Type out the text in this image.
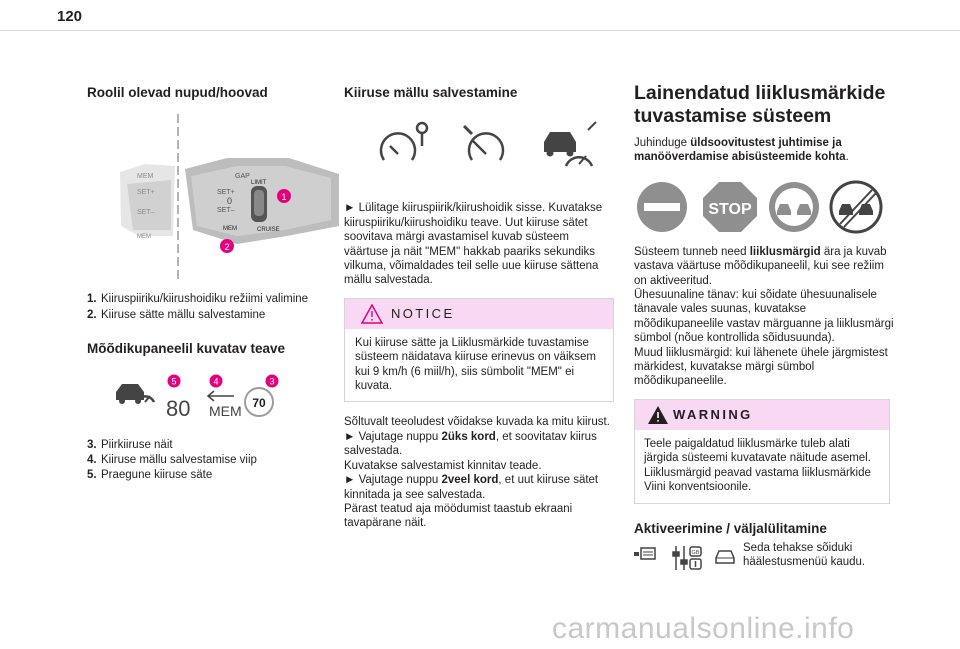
120
Roolil olevad nupud/hoovad
SET+
SET–
MEM
MEM
GAP
SET+
SET–
0
LIMIT
MEM	CRUISE
1
2
1. Kiiruspiiriku/kiirushoidiku režiimi valimine
2. Kiiruse sätte mällu salvestamine
Mõõdikupaneelil kuvatav teave
80 MEM 70
5	4	3
3. Piirkiiruse näit
4. Kiiruse mällu salvestamise viip
5. Praegune kiiruse säte
Kiiruse mällu salvestamine

► Lülitage kiiruspiirik/kiirushoidik sisse. Kuvatakse kiiruspiiriku/kiirushoidiku teave. Uut kiiruse sätet soovitava märgi avastamisel kuvab süsteem väärtuse ja näit "MEM" hakkab paariks sekundiks vilkuma, võimaldades teil selle uue kiiruse sättena mällu salvestada.

NOTICE
Kui kiiruse sätte ja Liiklusmärkide tuvastamise süsteem näidatava kiiruse erinevus on väiksem kui 9 km/h (6 miil/h), siis sümbolit "MEM" ei kuvata.

Sõltuvalt teeoludest võidakse kuvada ka mitu kiirust.

► Vajutage nuppu 2üks kord, et soovitatav kiirus salvestada.

Kuvatakse salvestamist kinnitav teade.

► Vajutage nuppu 2veel kord, et uut kiiruse sätet kinnitada ja see salvestada.

Pärast teatud aja möödumist taastub ekraani tavapärane näit.

Lainendatud liiklusmärkide
tuvastamise süsteem

Juhinduge üldsoovitustest juhtimise ja manööverdamise abisüsteemide kohta.

STOP

Süsteem tunneb need liiklusmärgid ära ja kuvab vastava väärtuse mõõdikupaneelil, kui see režiim on aktiveeritud.

Ühesuunaline tänav: kui sõidate ühesuunalisele tänavale vales suunas, kuvatakse mõõdikupaneelile vastav märguanne ja liiklusmärgi sümbol (nõue kontrollida sõidusuunda).

Muud liiklusmärgid: kui lähenete ühele järgmistest märkidest, kuvatakse märgi sümbol mõõdikupaneelile.

WARNING
Teele paigaldatud liiklusmärke tuleb alati järgida süsteemi kuvatavate näitude asemel. Liiklusmärgid peavad vastama liiklusmärkide Viini konventsioonile.
Aktiveerimine / väljalülitamine
GB	Seda tehakse sõiduki häälestusmenüü kaudu.
carmanualsonline.info
